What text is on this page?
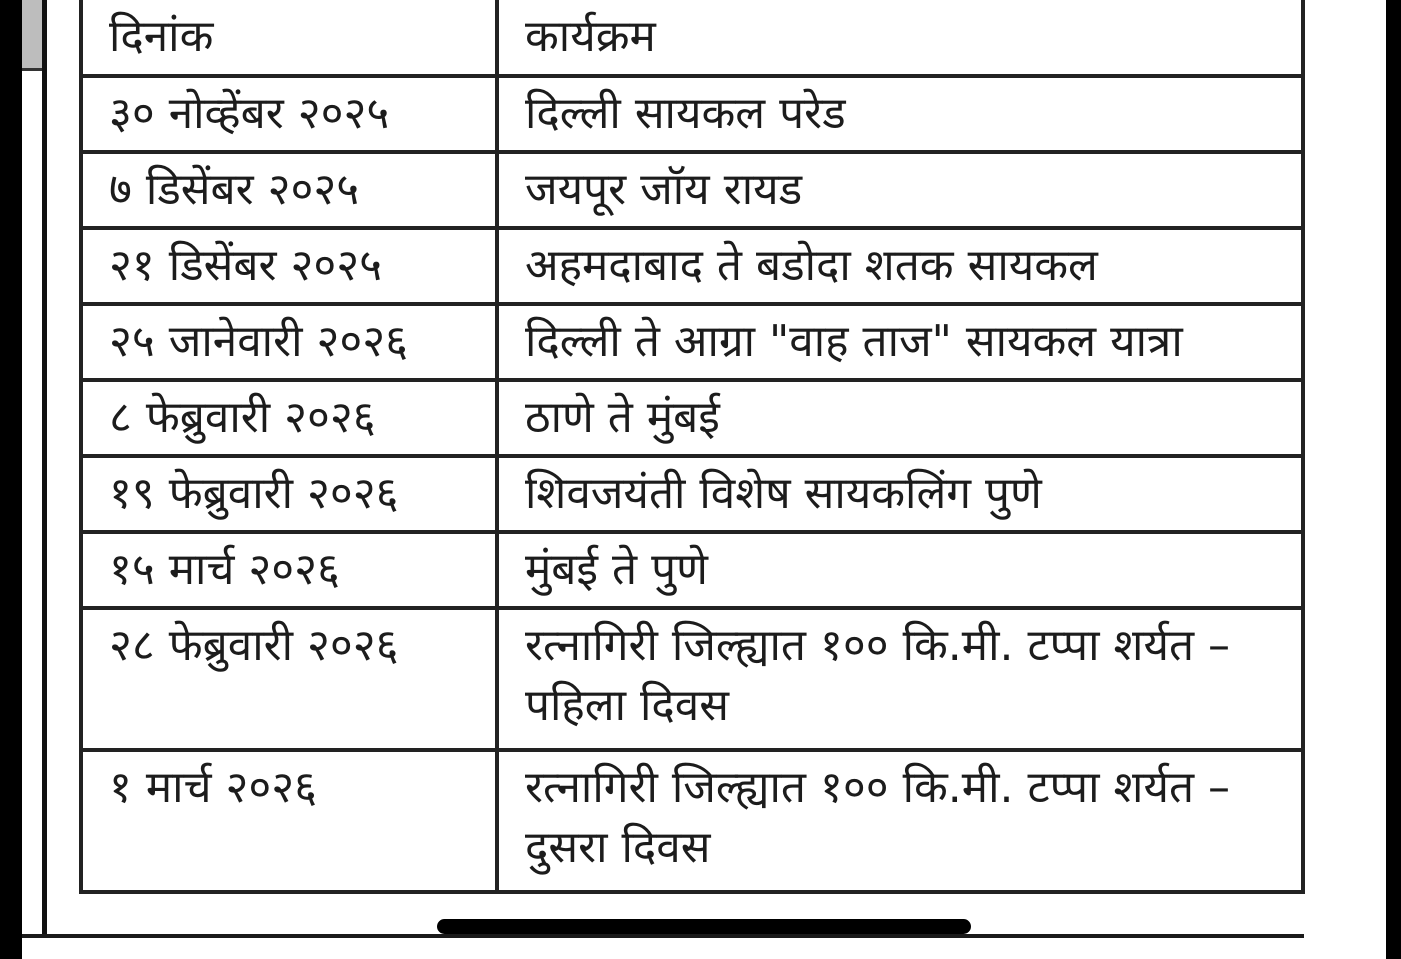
दिनांक	कार्यक्रम
३० नोव्हेंबर २०२५	दिल्ली सायकल परेड
७ डिसेंबर २०२५	जयपूर जॉय रायड
२१ डिसेंबर २०२५	अहमदाबाद ते बडोदा शतक सायकल
२५ जानेवारी २०२६	दिल्ली ते आग्रा "वाह ताज" सायकल यात्रा
८ फेब्रुवारी २०२६	ठाणे ते मुंबई
१९ फेब्रुवारी २०२६	शिवजयंती विशेष सायकलिंग पुणे
१५ मार्च २०२६	मुंबई ते पुणे
२८ फेब्रुवारी २०२६	रत्नागिरी जिल्ह्यात १०० कि.मी. टप्पा शर्यत – पहिला दिवस
१ मार्च २०२६	रत्नागिरी जिल्ह्यात १०० कि.मी. टप्पा शर्यत – दुसरा दिवस
